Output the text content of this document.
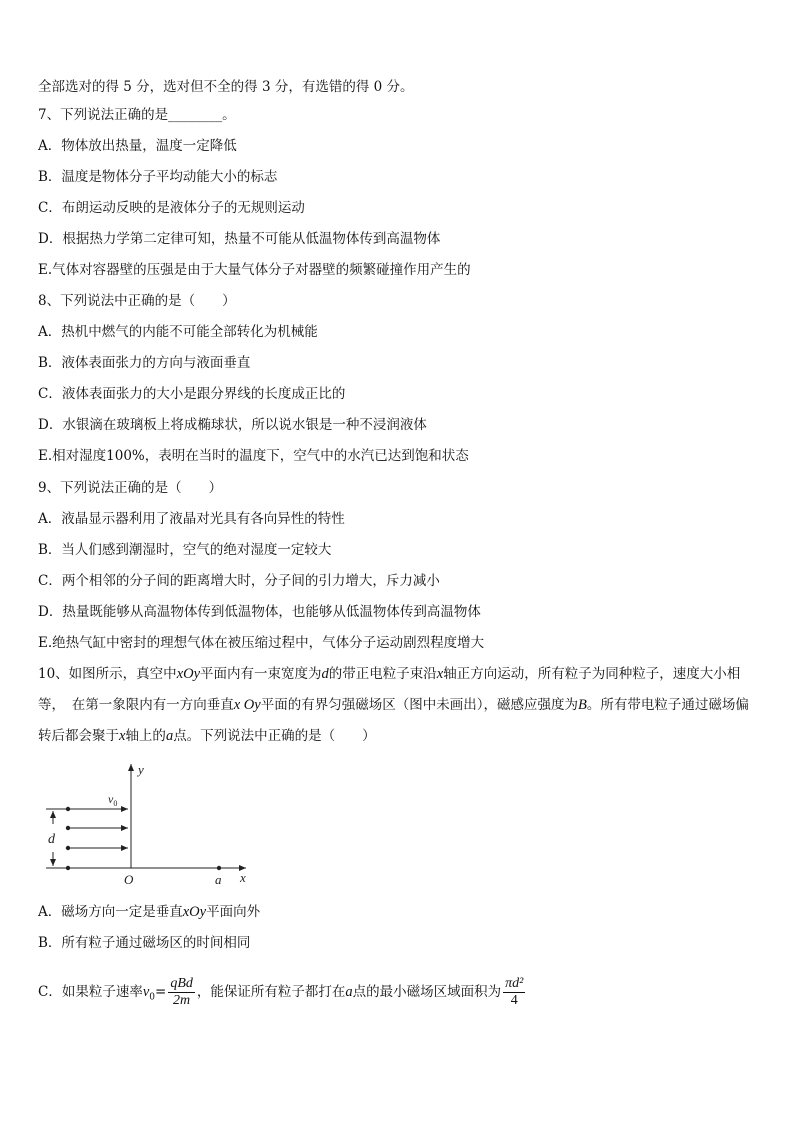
全部选对的得 5 分，选对但不全的得 3 分，有选错的得 0 分。
7、下列说法正确的是________。
A．物体放出热量，温度一定降低
B．温度是物体分子平均动能大小的标志
C．布朗运动反映的是液体分子的无规则运动
D．根据热力学第二定律可知，热量不可能从低温物体传到高温物体
E.气体对容器壁的压强是由于大量气体分子对器壁的频繁碰撞作用产生的
8、下列说法中正确的是（　　）
A．热机中燃气的内能不可能全部转化为机械能
B．液体表面张力的方向与液面垂直
C．液体表面张力的大小是跟分界线的长度成正比的
D．水银滴在玻璃板上将成椭球状，所以说水银是一种不浸润液体
E.相对湿度100%，表明在当时的温度下，空气中的水汽已达到饱和状态
9、下列说法正确的是（　　）
A．液晶显示器利用了液晶对光具有各向异性的特性
B．当人们感到潮湿时，空气的绝对湿度一定较大
C．两个相邻的分子间的距离增大时，分子间的引力增大，斥力减小
D．热量既能够从高温物体传到低温物体，也能够从低温物体传到高温物体
E.绝热气缸中密封的理想气体在被压缩过程中，气体分子运动剧烈程度增大
10、如图所示，真空中xOy平面内有一束宽度为d的带正电粒子束沿x轴正方向运动，所有粒子为同种粒子，速度大小相等，　在第一象限内有一方向垂直x Oy平面的有界匀强磁场区（图中未画出），磁感应强度为B。所有带电粒子通过磁场偏转后都会聚于x轴上的a点。下列说法中正确的是（　　）
y
$v_0$
d
O	a x
A．磁场方向一定是垂直xOy平面向外
B．所有粒子通过磁场区的时间相同
C．如果粒子速率$v_0= \frac{\text{qBd}}{2m}$ ，能保证所有粒子都打在a点的最小磁场区域面积为 $\frac{\text{πd²}}{4}$
